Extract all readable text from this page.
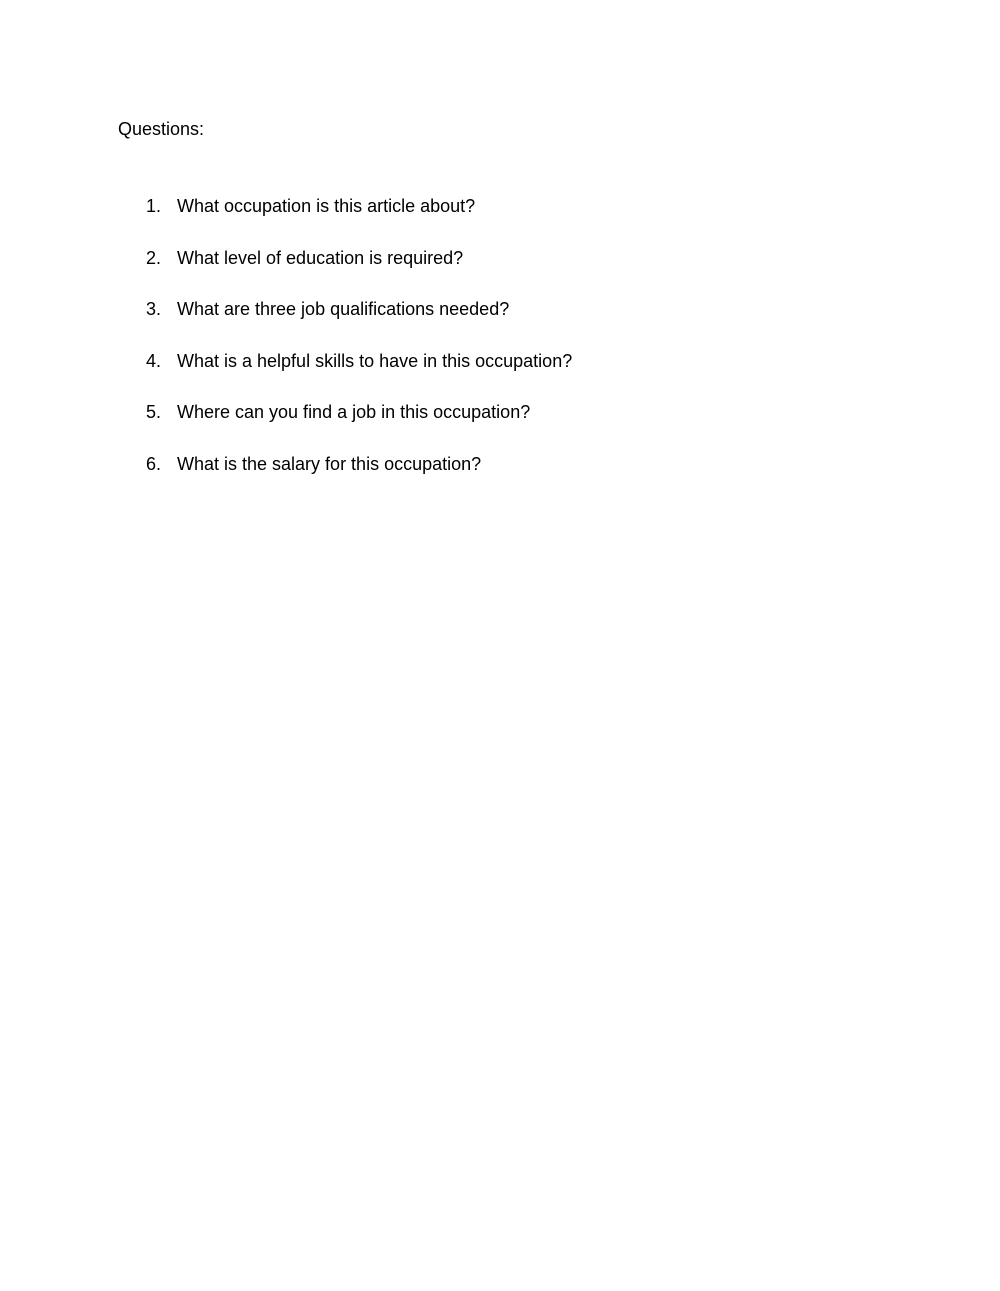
Questions:

1. What occupation is this article about?
2. What level of education is required?
3. What are three job qualifications needed?
4. What is a helpful skills to have in this occupation?
5. Where can you find a job in this occupation?
6. What is the salary for this occupation?
